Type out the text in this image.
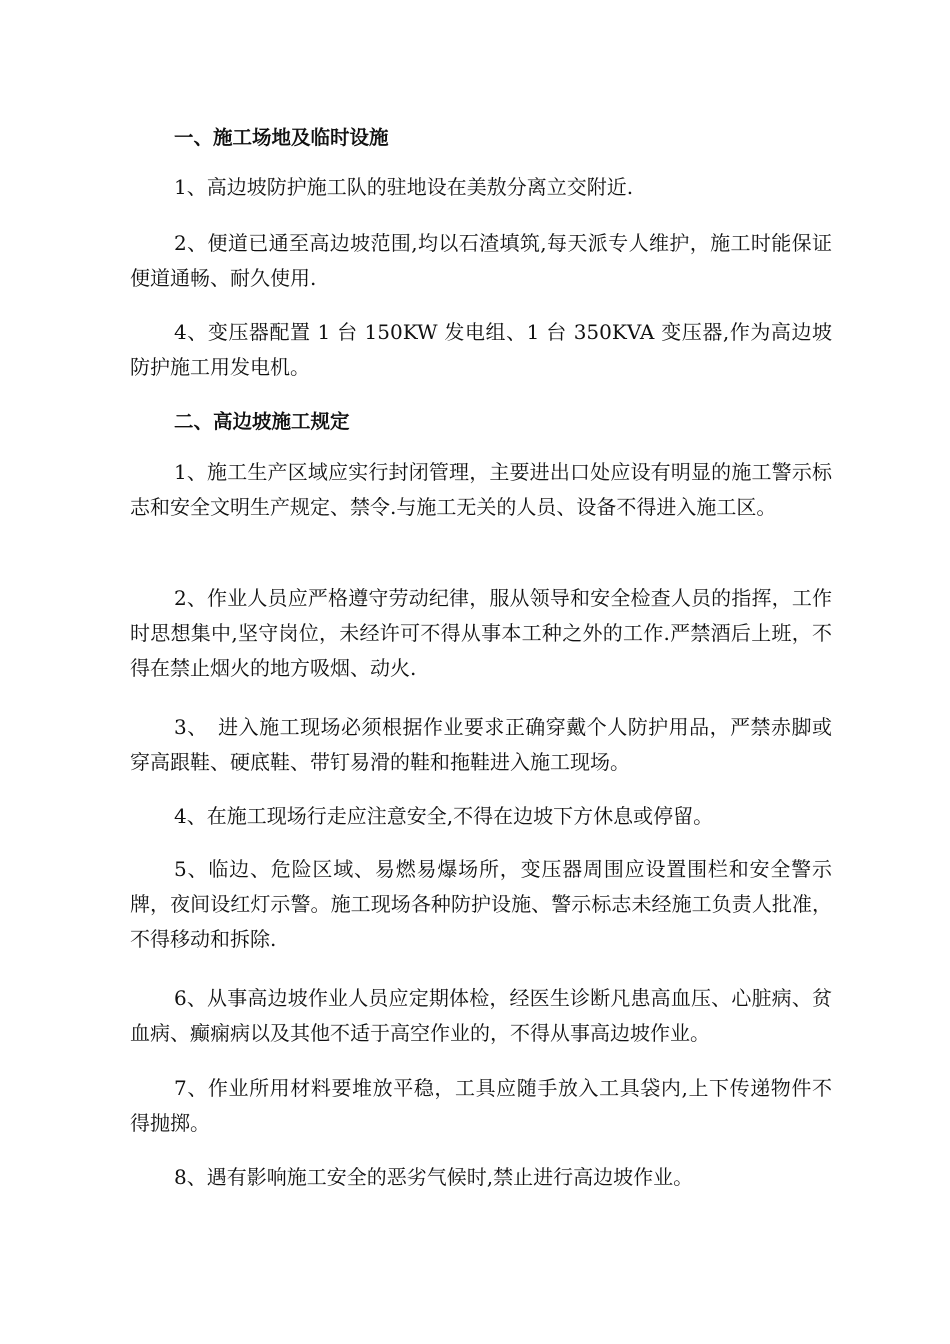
一、施工场地及临时设施

1、高边坡防护施工队的驻地设在美敖分离立交附近.

2、便道已通至高边坡范围,均以石渣填筑,每天派专人维护，施工时能保证便道通畅、耐久使用.

4、变压器配置 1 台 150KW 发电组、1 台 350KVA 变压器,作为高边坡防护施工用发电机。

二、高边坡施工规定

1、施工生产区域应实行封闭管理，主要进出口处应设有明显的施工警示标志和安全文明生产规定、禁令.与施工无关的人员、设备不得进入施工区。

2、作业人员应严格遵守劳动纪律，服从领导和安全检查人员的指挥，工作时思想集中,坚守岗位，未经许可不得从事本工种之外的工作.严禁酒后上班，不得在禁止烟火的地方吸烟、动火.

3、　进入施工现场必须根据作业要求正确穿戴个人防护用品，严禁赤脚或穿高跟鞋、硬底鞋、带钉易滑的鞋和拖鞋进入施工现场。

4、在施工现场行走应注意安全,不得在边坡下方休息或停留。

5、临边、危险区域、易燃易爆场所，变压器周围应设置围栏和安全警示牌，夜间设红灯示警。施工现场各种防护设施、警示标志未经施工负责人批准，不得移动和拆除.

6、从事高边坡作业人员应定期体检，经医生诊断凡患高血压、心脏病、贫血病、癫痫病以及其他不适于高空作业的，不得从事高边坡作业。

7、作业所用材料要堆放平稳，工具应随手放入工具袋内,上下传递物件不得抛掷。

8、遇有影响施工安全的恶劣气候时,禁止进行高边坡作业。
